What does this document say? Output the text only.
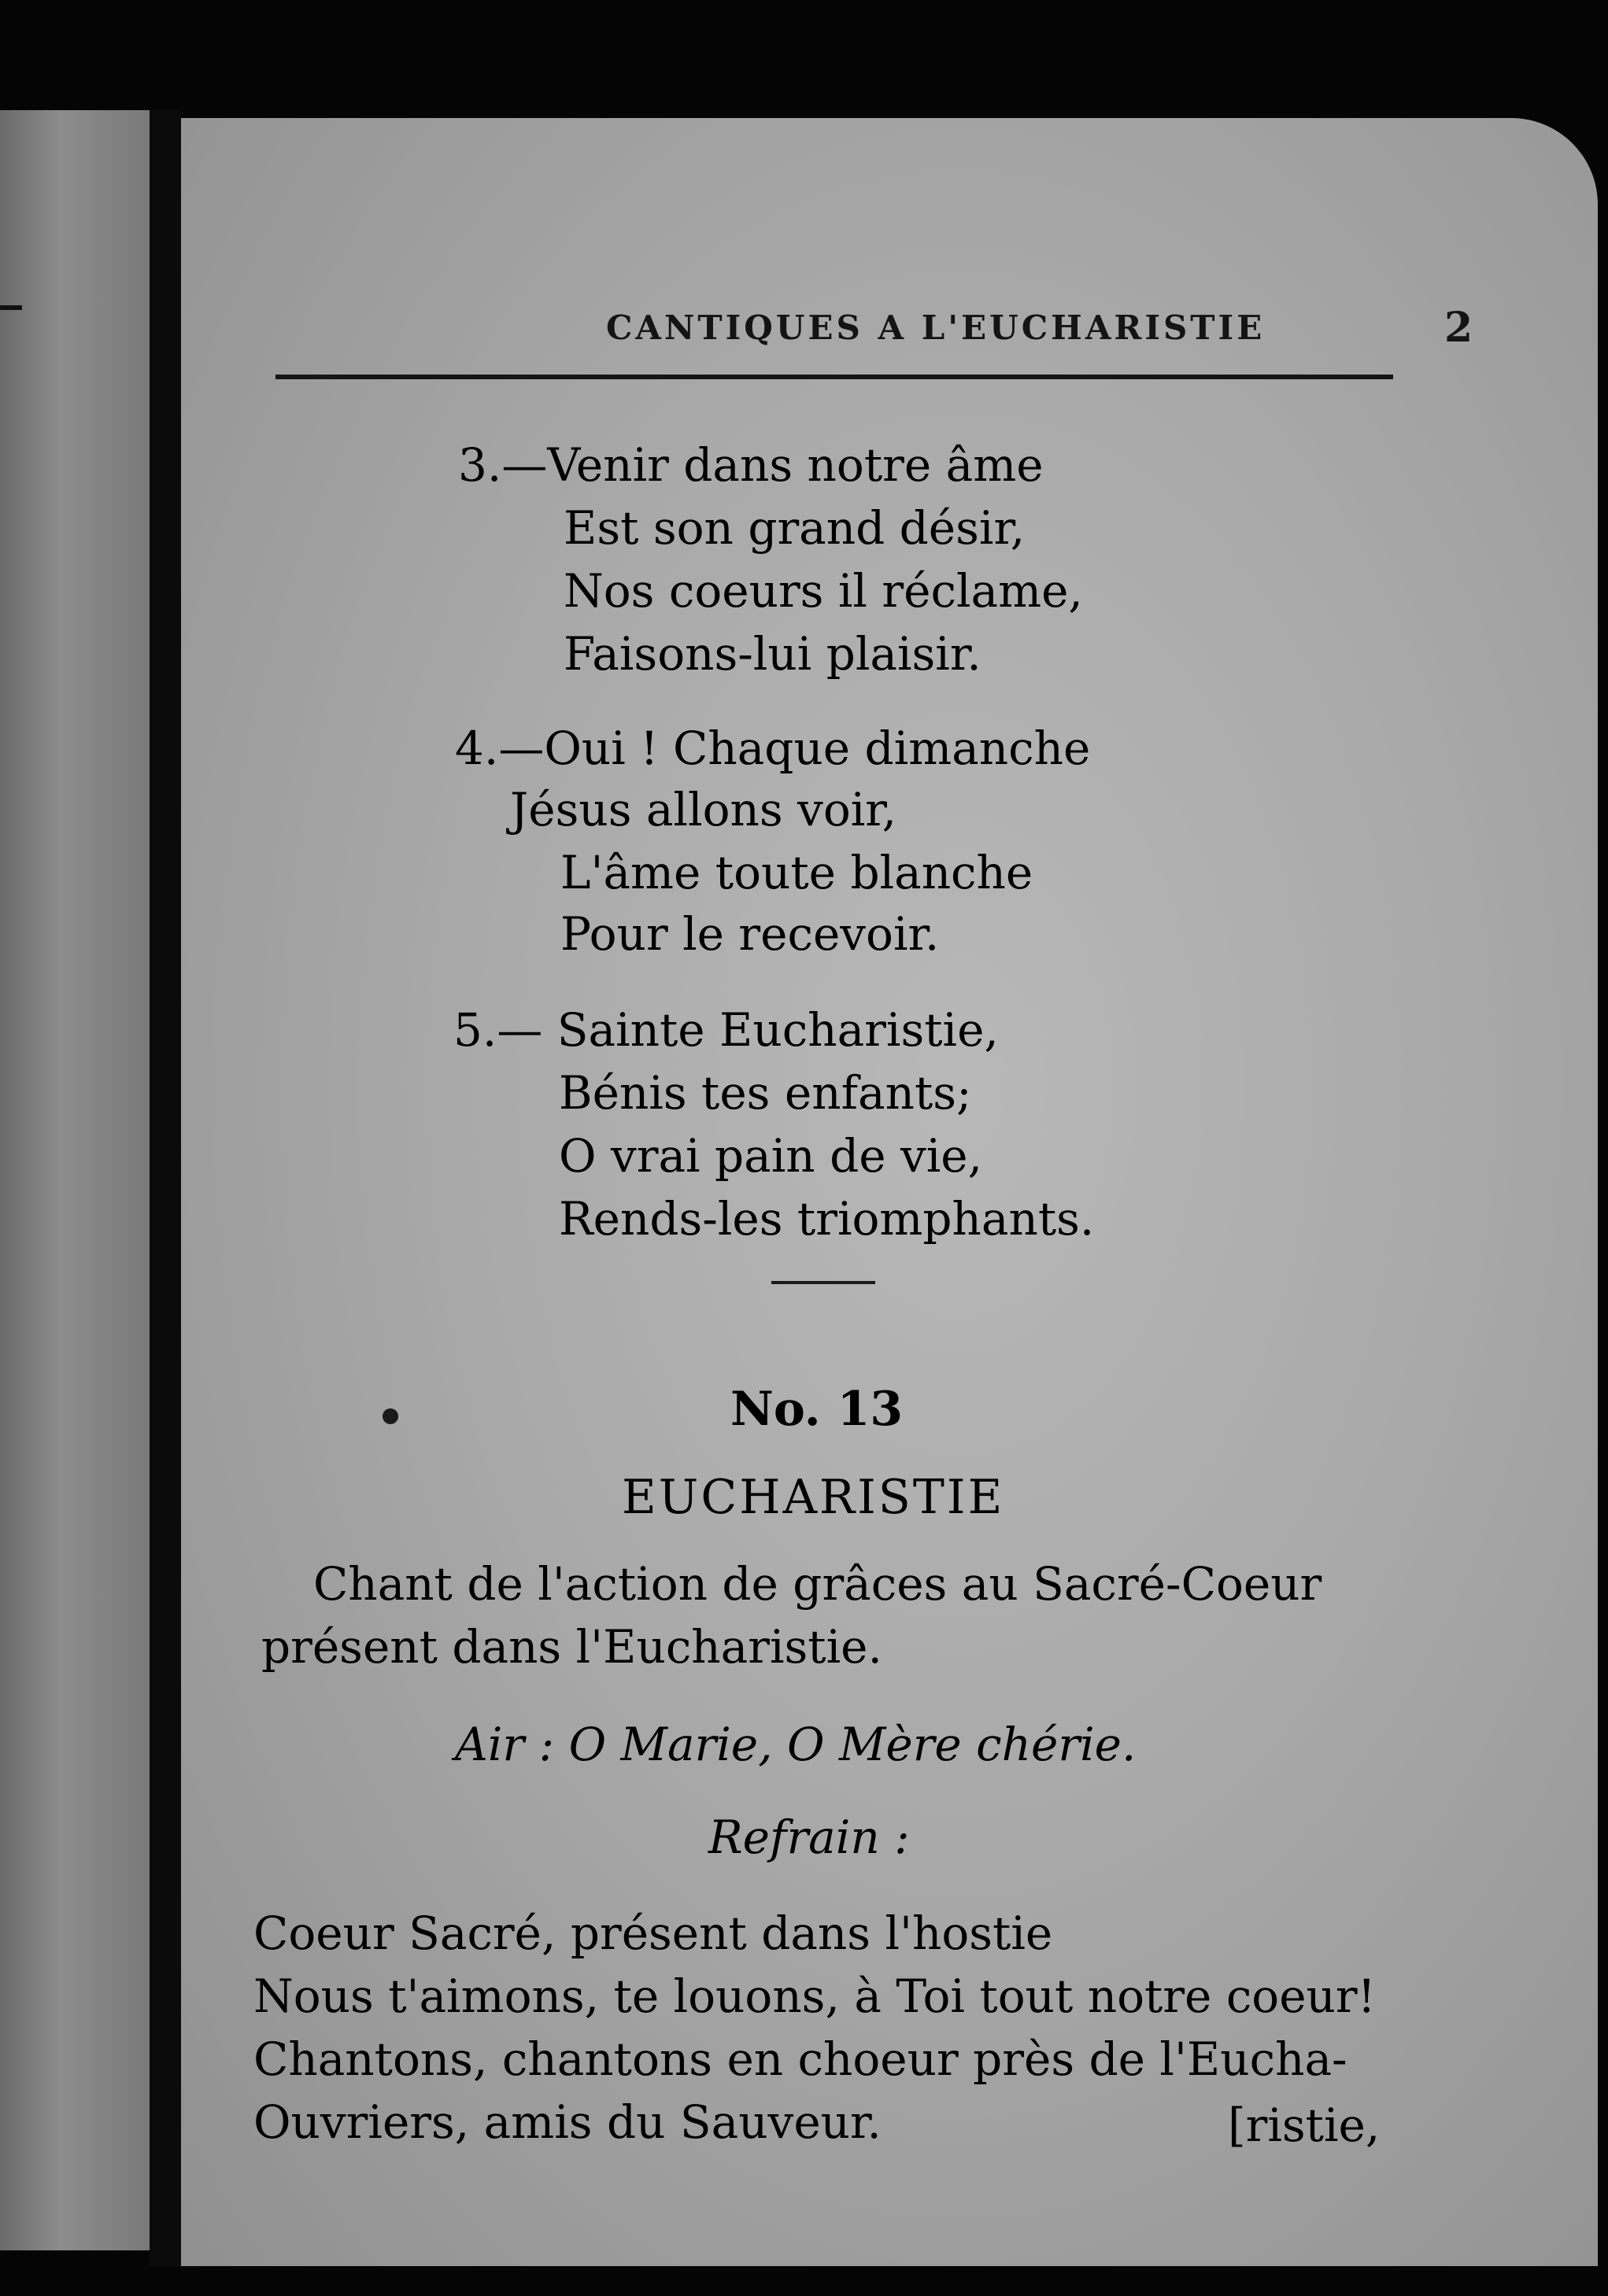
CANTIQUES A L'EUCHARISTIE	2
3.—Venir dans notre âme
Est son grand désir,
Nos coeurs il réclame,
Faisons-lui plaisir.
4.—Oui ! Chaque dimanche
Jésus allons voir,
L'âme toute blanche
Pour le recevoir.
5.— Sainte Eucharistie,
Bénis tes enfants;
O vrai pain de vie,
Rends-les triomphants.
No. 13
EUCHARISTIE
Chant de l'action de grâces au Sacré-Coeur
présent dans l'Eucharistie.
Air : O Marie, O Mère chérie.
Refrain :
Coeur Sacré, présent dans l'hostie
Nous t'aimons, te louons, à Toi tout notre coeur!
Chantons, chantons en choeur près de l'Eucha-
Ouvriers, amis du Sauveur.	[ristie,
